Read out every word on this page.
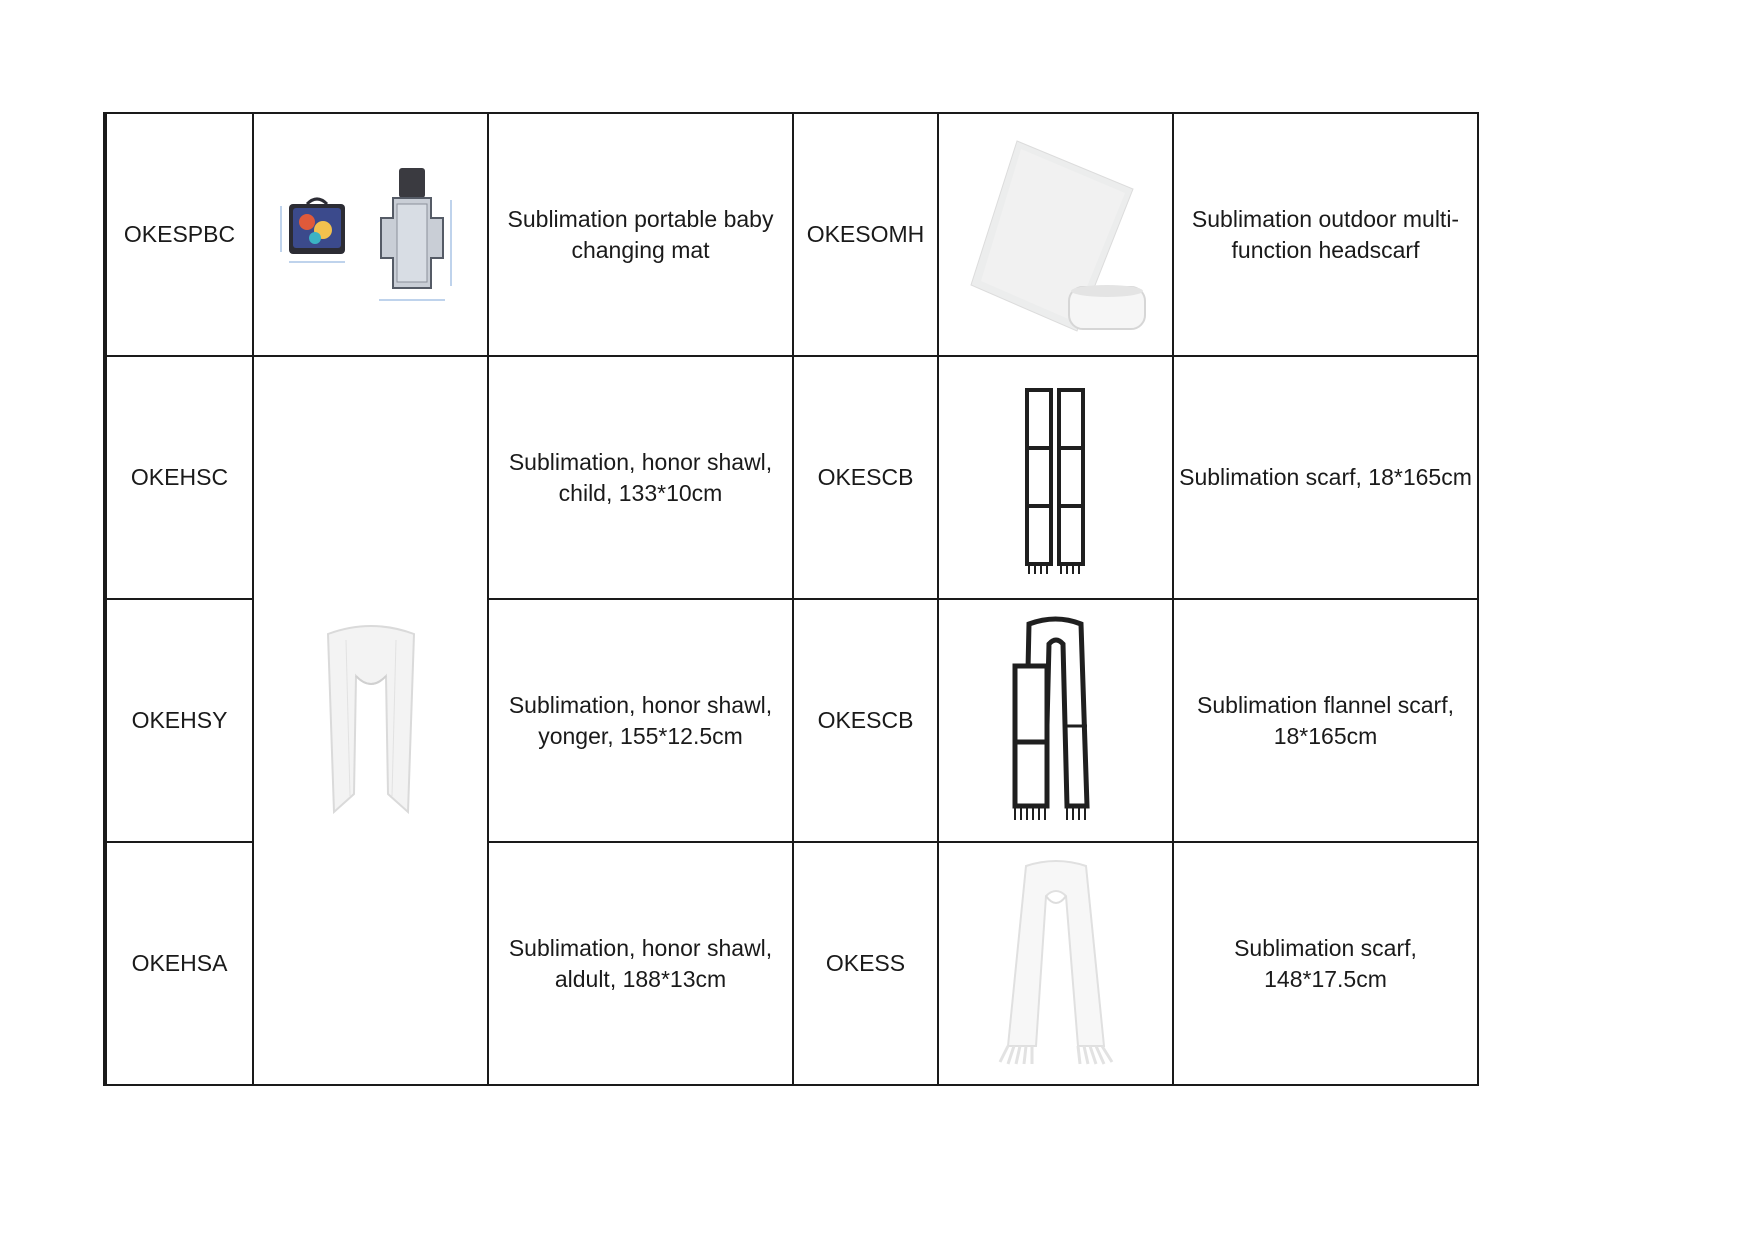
OKESPBC		Sublimation portable baby changing mat	OKESOMH		Sublimation outdoor multi-function headscarf
OKEHSC		Sublimation, honor shawl, child, 133*10cm	OKESCB		Sublimation scarf, 18*165cm
OKEHSY		Sublimation, honor shawl, yonger, 155*12.5cm	OKESCB		Sublimation flannel scarf, 18*165cm
OKEHSA		Sublimation, honor shawl, aldult, 188*13cm	OKESS		Sublimation scarf, 148*17.5cm
